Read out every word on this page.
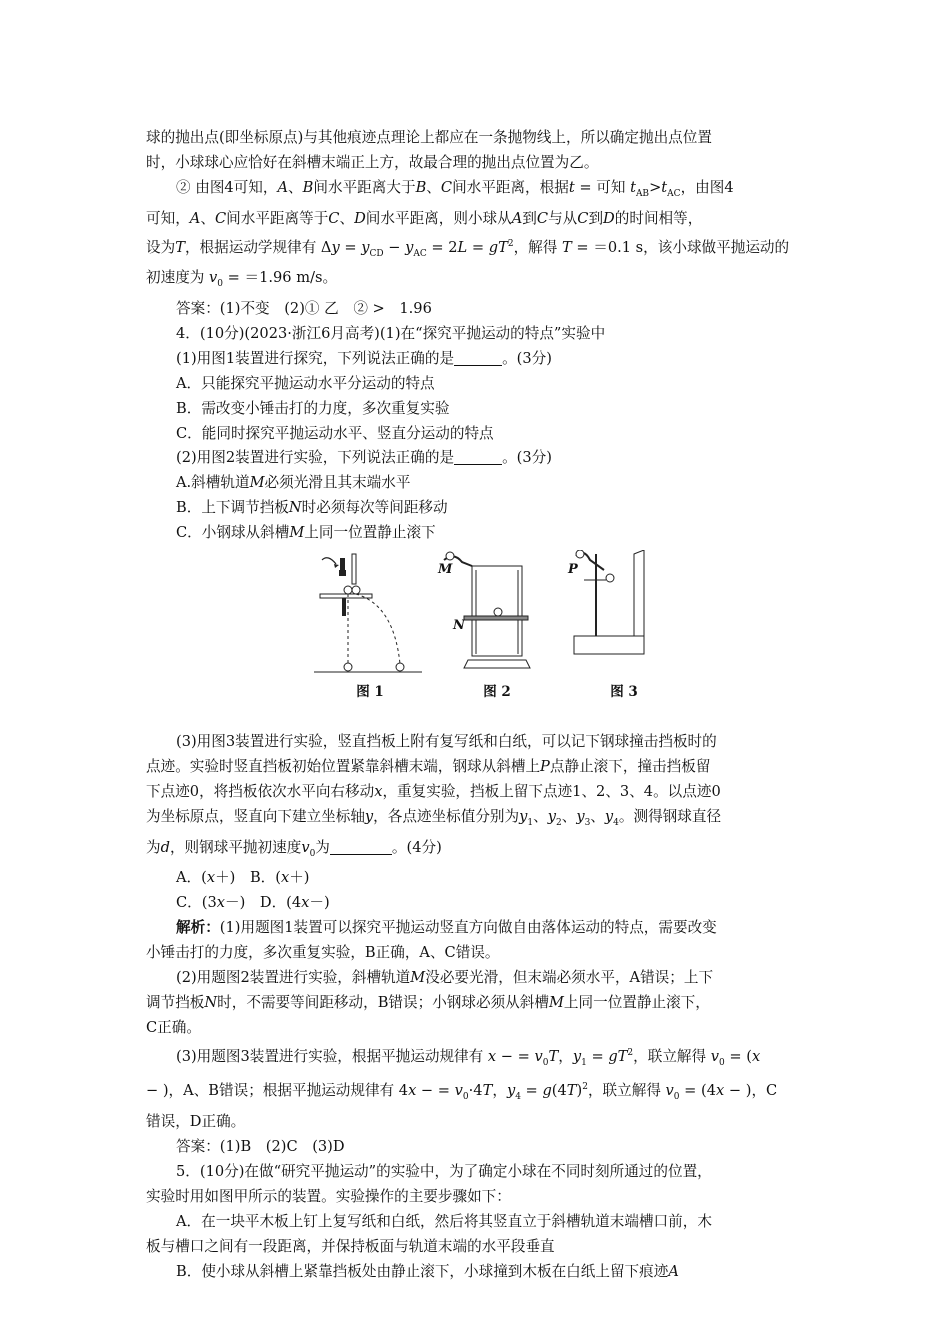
球的抛出点(即坐标原点)与其他痕迹点理论上都应在一条抛物线上，所以确定抛出点位置
时，小球球心应恰好在斜槽末端正上方，故最合理的抛出点位置为乙。
② 由图4可知，A、B间水平距离大于B、C间水平距离，根据t = 可知 $t_{AB}>t_{AC}$，由图4
可知，A、C间水平距离等于C、D间水平距离，则小球从A到C与从C到D的时间相等，
设为T，根据运动学规律有 $\Delta y = y_{CD} - y_{AC} = 2L = gT^2$，解得 T = ＝0.1 s，该小球做平抛运动的
初速度为 $v_0 = =1.96$ m/s。
答案：(1)不变　(2)① 乙　② >　1.96
4．(10分)(2023·浙江6月高考)(1)在“探究平抛运动的特点”实验中
(1)用图1装置进行探究，下列说法正确的是	。(3分)
A．只能探究平抛运动水平分运动的特点
B．需改变小锤击打的力度，多次重复实验
C．能同时探究平抛运动水平、竖直分运动的特点
(2)用图2装置进行实验，下列说法正确的是	。(3分)
A.斜槽轨道M必须光滑且其末端水平
B．上下调节挡板N时必须每次等间距移动
C．小钢球从斜槽M上同一位置静止滚下
M
N
P
图 1	图 2	图 3
(3)用图3装置进行实验，竖直挡板上附有复写纸和白纸，可以记下钢球撞击挡板时的
点迹。实验时竖直挡板初始位置紧靠斜槽末端，钢球从斜槽上P点静止滚下，撞击挡板留
下点迹0，将挡板依次水平向右移动x，重复实验，挡板上留下点迹1、2、3、4。以点迹0
为坐标原点，竖直向下建立坐标轴y，各点迹坐标值分别为$y_1$、$y_2$、$y_3$、$y_4$。测得钢球直径
为d，则钢球平抛初速度$v_0$为	。(4分)
A．(x＋)　B．(x＋)
C．(3x－)　D．(4x－)
解析：(1)用题图1装置可以探究平抛运动竖直方向做自由落体运动的特点，需要改变
小锤击打的力度，多次重复实验，B正确，A、C错误。
(2)用题图2装置进行实验，斜槽轨道M没必要光滑，但末端必须水平，A错误；上下
调节挡板N时，不需要等间距移动，B错误；小钢球必须从斜槽M上同一位置静止滚下，
C正确。
(3)用题图3装置进行实验，根据平抛运动规律有 x − = $v_0T$，$y_1 = gT^2$，联立解得 $v_0 = (x$
− )，A、B错误；根据平抛运动规律有 4x − = $v_0\cdot 4T$，$y_4 = g(4T)^2$，联立解得 $v_0 = (4x$ − )，C
错误，D正确。
答案：(1)B　(2)C　(3)D
5．(10分)在做“研究平抛运动”的实验中，为了确定小球在不同时刻所通过的位置，
实验时用如图甲所示的装置。实验操作的主要步骤如下：
A．在一块平木板上钉上复写纸和白纸，然后将其竖直立于斜槽轨道末端槽口前，木
板与槽口之间有一段距离，并保持板面与轨道末端的水平段垂直
B．使小球从斜槽上紧靠挡板处由静止滚下，小球撞到木板在白纸上留下痕迹A
